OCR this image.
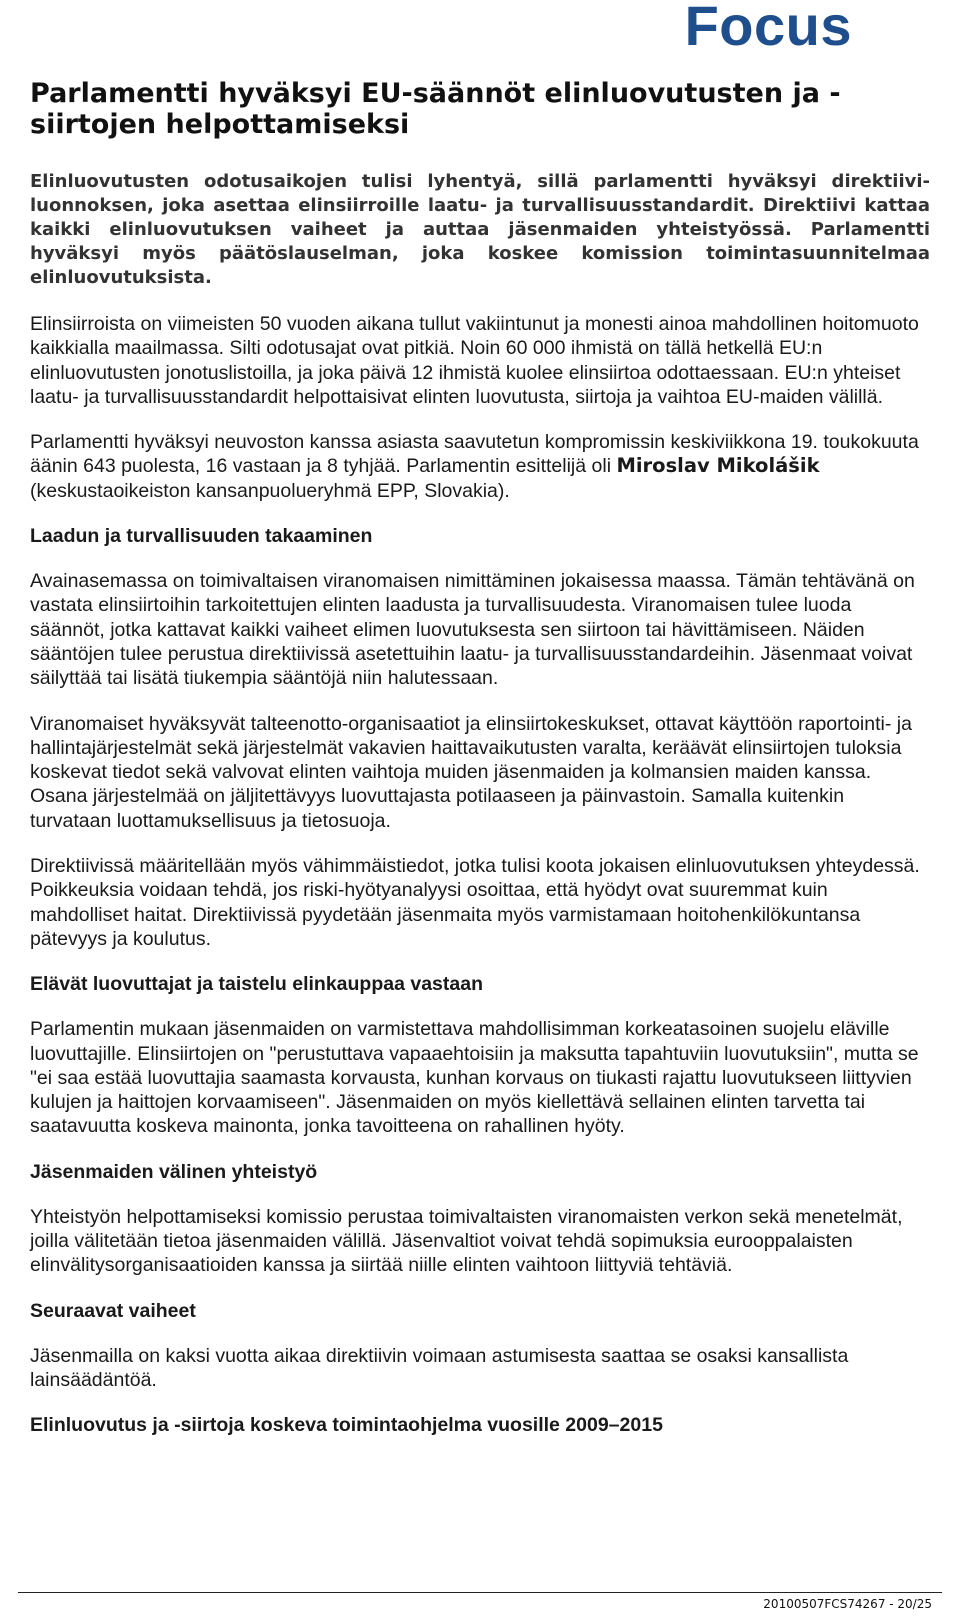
Focus
Parlamentti hyväksyi EU-säännöt elinluovutusten ja -siirtojen helpottamiseksi

Elinluovutusten odotusaikojen tulisi lyhentyä, sillä parlamentti hyväksyi direktiivi-luonnoksen, joka asettaa elinsiirroille laatu- ja turvallisuusstandardit. Direktiivi kattaa kaikki elinluovutuksen vaiheet ja auttaa jäsenmaiden yhteistyössä. Parlamentti hyväksyi myös päätöslauselman, joka koskee komission toimintasuunnitelmaa elinluovutuksista.

Elinsiirroista on viimeisten 50 vuoden aikana tullut vakiintunut ja monesti ainoa mahdollinen hoitomuoto kaikkialla maailmassa. Silti odotusajat ovat pitkiä. Noin 60 000 ihmistä on tällä hetkellä EU:n elinluovutusten jonotuslistoilla, ja joka päivä 12 ihmistä kuolee elinsiirtoa odottaessaan. EU:n yhteiset laatu- ja turvallisuusstandardit helpottaisivat elinten luovutusta, siirtoja ja vaihtoa EU-maiden välillä.

Parlamentti hyväksyi neuvoston kanssa asiasta saavutetun kompromissin keskiviikkona 19. toukokuuta äänin 643 puolesta, 16 vastaan ja 8 tyhjää. Parlamentin esittelijä oli Miroslav Mikolášik (keskustaoikeiston kansanpuolueryhmä EPP, Slovakia).

Laadun ja turvallisuuden takaaminen

Avainasemassa on toimivaltaisen viranomaisen nimittäminen jokaisessa maassa. Tämän tehtävänä on vastata elinsiirtoihin tarkoitettujen elinten laadusta ja turvallisuudesta. Viranomaisen tulee luoda säännöt, jotka kattavat kaikki vaiheet elimen luovutuksesta sen siirtoon tai hävittämiseen. Näiden sääntöjen tulee perustua direktiivissä asetettuihin laatu- ja turvallisuusstandardeihin. Jäsenmaat voivat säilyttää tai lisätä tiukempia sääntöjä niin halutessaan.

Viranomaiset hyväksyvät talteenotto-organisaatiot ja elinsiirtokeskukset, ottavat käyttöön raportointi- ja hallintajärjestelmät sekä järjestelmät vakavien haittavaikutusten varalta, keräävät elinsiirtojen tuloksia koskevat tiedot sekä valvovat elinten vaihtoja muiden jäsenmaiden ja kolmansien maiden kanssa. Osana järjestelmää on jäljitettävyys luovuttajasta potilaaseen ja päinvastoin. Samalla kuitenkin turvataan luottamuksellisuus ja tietosuoja.

Direktiivissä määritellään myös vähimmäistiedot, jotka tulisi koota jokaisen elinluovutuksen yhteydessä. Poikkeuksia voidaan tehdä, jos riski-hyötyanalyysi osoittaa, että hyödyt ovat suuremmat kuin mahdolliset haitat. Direktiivissä pyydetään jäsenmaita myös varmistamaan hoitohenkilökuntansa pätevyys ja koulutus.

Elävät luovuttajat ja taistelu elinkauppaa vastaan

Parlamentin mukaan jäsenmaiden on varmistettava mahdollisimman korkeatasoinen suojelu eläville luovuttajille. Elinsiirtojen on "perustuttava vapaaehtoisiin ja maksutta tapahtuviin luovutuksiin", mutta se "ei saa estää luovuttajia saamasta korvausta, kunhan korvaus on tiukasti rajattu luovutukseen liittyvien kulujen ja haittojen korvaamiseen". Jäsenmaiden on myös kiellettävä sellainen elinten tarvetta tai saatavuutta koskeva mainonta, jonka tavoitteena on rahallinen hyöty.

Jäsenmaiden välinen yhteistyö

Yhteistyön helpottamiseksi komissio perustaa toimivaltaisten viranomaisten verkon sekä menetelmät, joilla välitetään tietoa jäsenmaiden välillä. Jäsenvaltiot voivat tehdä sopimuksia eurooppalaisten elinvälitysorganisaatioiden kanssa ja siirtää niille elinten vaihtoon liittyviä tehtäviä.

Seuraavat vaiheet

Jäsenmailla on kaksi vuotta aikaa direktiivin voimaan astumisesta saattaa se osaksi kansallista lainsäädäntöä.

Elinluovutus ja -siirtoja koskeva toimintaohjelma vuosille 2009–2015
20100507FCS74267 - 20/25
